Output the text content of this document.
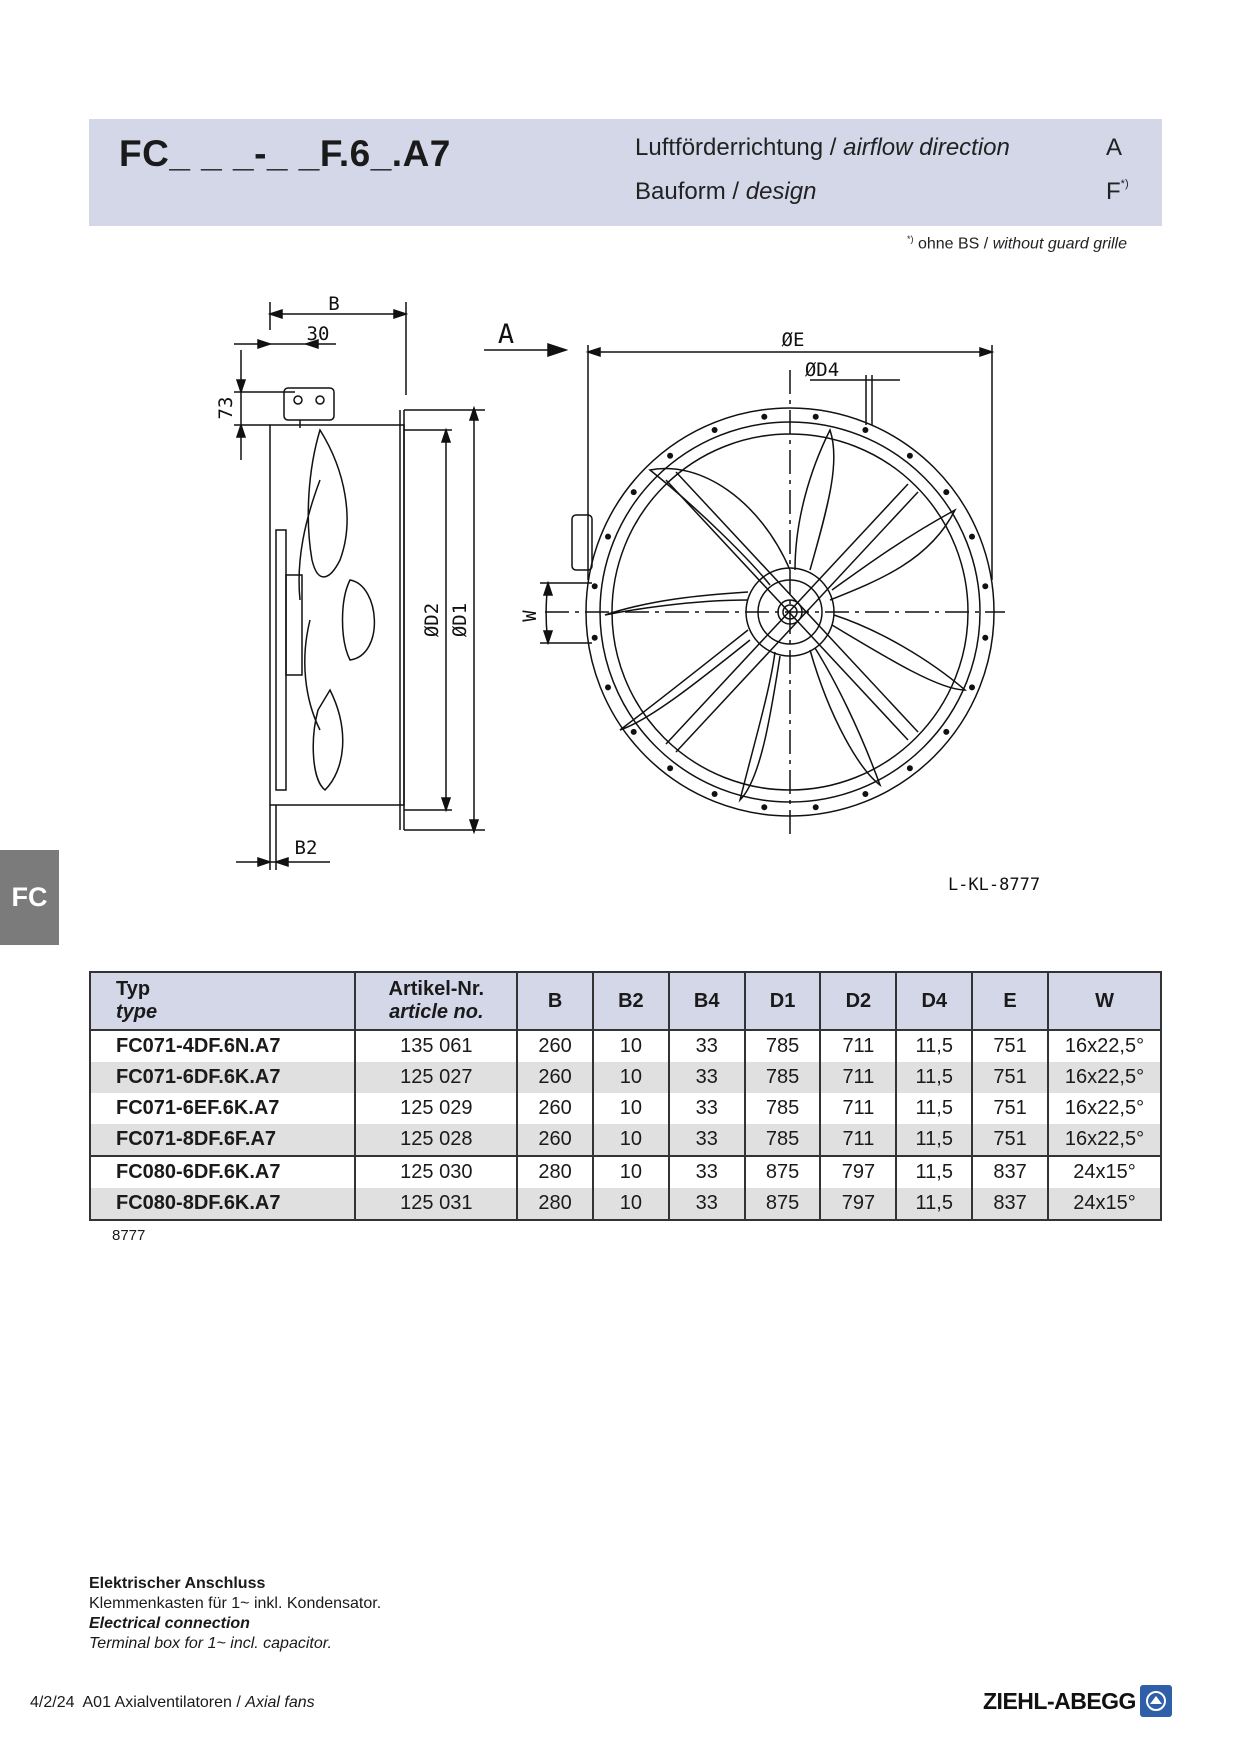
FC_ _ _-_ _F.6_.A7	Luftförderrichtung / airflow direction	A
Bauform / design	F*)
*) ohne BS / without guard grille
FC
B
30
73
B2
ØD2 ØD1
A	ØE
ØD4
W
L-KL-8777
Typ
type	Artikel-Nr.
article no.	B	B2	B4	D1	D2	D4	E	W
FC071-4DF.6N.A7	135 061	260	10	33	785	711	11,5	751	16x22,5°
FC071-6DF.6K.A7	125 027	260	10	33	785	711	11,5	751	16x22,5°
FC071-6EF.6K.A7	125 029	260	10	33	785	711	11,5	751	16x22,5°
FC071-8DF.6F.A7	125 028	260	10	33	785	711	11,5	751	16x22,5°
FC080-6DF.6K.A7	125 030	280	10	33	875	797	11,5	837	24x15°
FC080-8DF.6K.A7	125 031	280	10	33	875	797	11,5	837	24x15°
8777
Elektrischer Anschluss
Klemmenkasten für 1~ inkl. Kondensator.
Electrical connection
Terminal box for 1~ incl. capacitor.
4/2/24 A01 Axialventilatoren / Axial fans	ZIEHL-ABEGG
